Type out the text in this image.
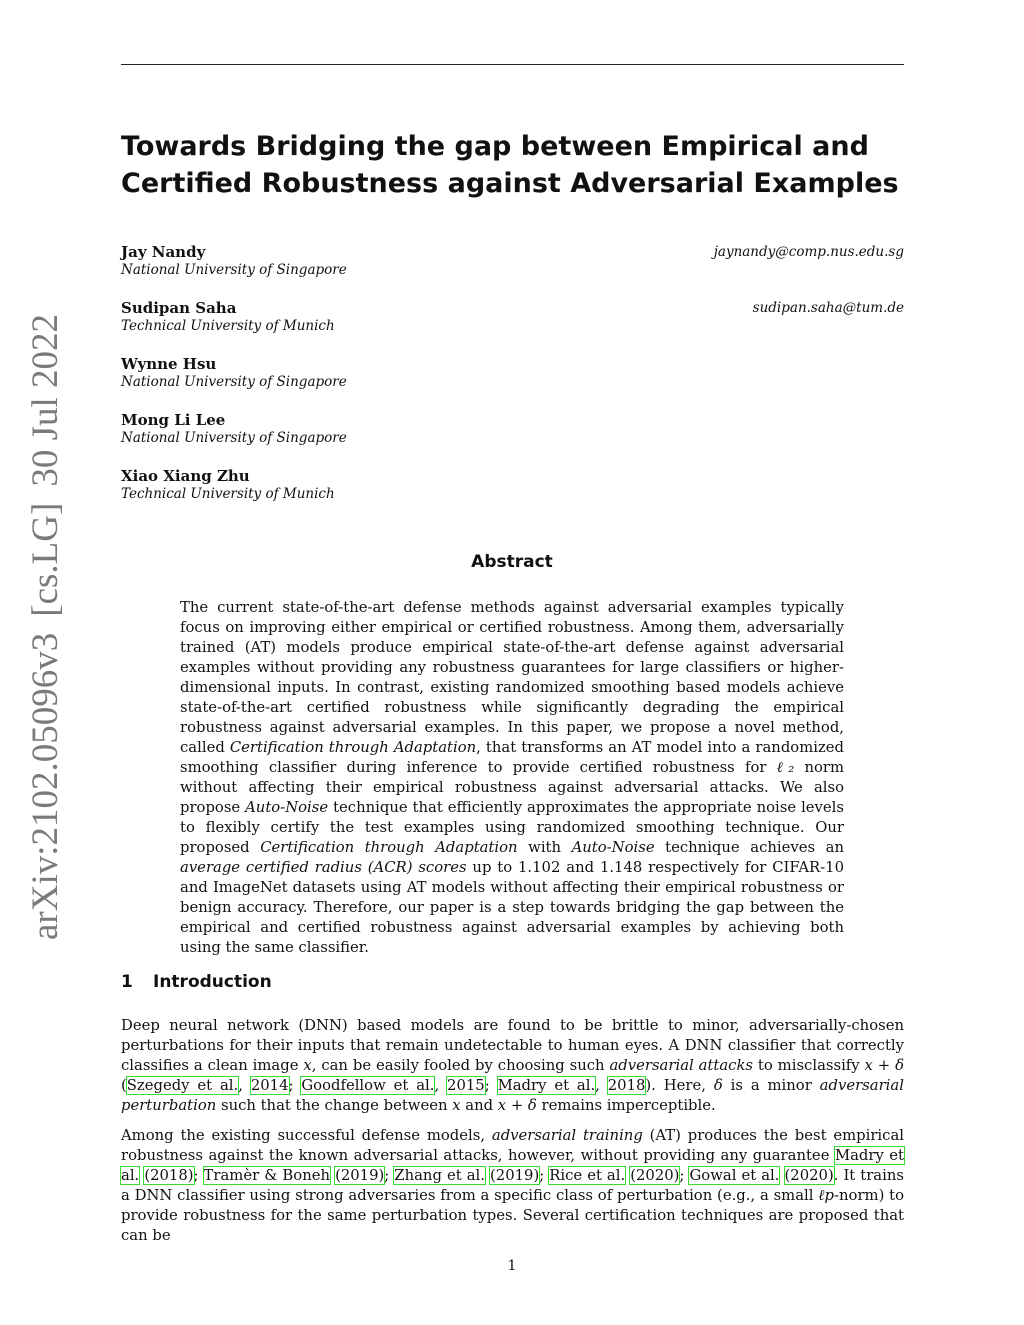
arXiv:2102.05096v3[cs.LG]30 Jul 2022
Towards Bridging the gap between Empirical and Certified Robustness against Adversarial Examples
Jay Nandy
National University of Singapore
jaynandy@comp.nus.edu.sg
Sudipan Saha
Technical University of Munich
sudipan.saha@tum.de
Wynne Hsu
National University of Singapore
Mong Li Lee
National University of Singapore
Xiao Xiang Zhu
Technical University of Munich
Abstract
The current state-of-the-art defense methods against adversarial examples typically focus on improving either empirical or certified robustness. Among them, adversarially trained (AT) models produce empirical state-of-the-art defense against adversarial examples without providing any robustness guarantees for large classifiers or higher-dimensional inputs. In contrast, existing randomized smoothing based models achieve state-of-the-art certified robustness while significantly degrading the empirical robustness against adversarial examples. In this paper, we propose a novel method, called Certification through Adaptation, that transforms an AT model into a randomized smoothing classifier during inference to provide certified robustness for ℓ₂ norm without affecting their empirical robustness against adversarial attacks. We also propose Auto-Noise technique that efficiently approximates the appropriate noise levels to flexibly certify the test examples using randomized smoothing technique. Our proposed Certification through Adaptation with Auto-Noise technique achieves an average certified radius (ACR) scores up to 1.102 and 1.148 respectively for CIFAR-10 and ImageNet datasets using AT models without affecting their empirical robustness or benign accuracy. Therefore, our paper is a step towards bridging the gap between the empirical and certified robustness against adversarial examples by achieving both using the same classifier.
1 Introduction

Deep neural network (DNN) based models are found to be brittle to minor, adversarially-chosen perturbations for their inputs that remain undetectable to human eyes. A DNN classifier that correctly classifies a clean image x, can be easily fooled by choosing such adversarial attacks to misclassify x + δ (Szegedy et al., 2014; Goodfellow et al., 2015; Madry et al., 2018). Here, δ is a minor adversarial perturbation such that the change between x and x + δ remains imperceptible.

Among the existing successful defense models, adversarial training (AT) produces the best empirical robustness against the known adversarial attacks, however, without providing any guarantee Madry et al. (2018); Tramèr & Boneh (2019); Zhang et al. (2019); Rice et al. (2020); Gowal et al. (2020). It trains a DNN classifier using strong adversaries from a specific class of perturbation (e.g., a small ℓp-norm) to provide robustness for the same perturbation types. Several certification techniques are proposed that can be

1
